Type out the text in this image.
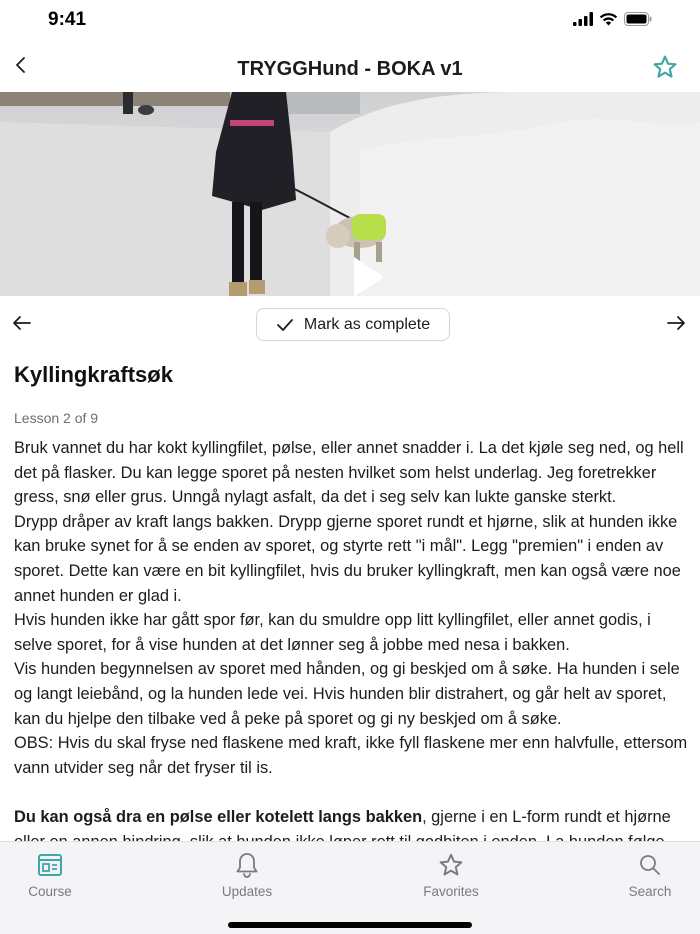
9:41
TRYGGHund - BOKA v1
Mark as complete
Kyllingkraftsøk
Lesson 2 of 9

Bruk vannet du har kokt kyllingfilet, pølse, eller annet snadder i. La det kjøle seg ned, og hell det på flasker. Du kan legge sporet på nesten hvilket som helst underlag. Jeg foretrekker gress, snø eller grus. Unngå nylagt asfalt, da det i seg selv kan lukte ganske sterkt.

Drypp dråper av kraft langs bakken. Drypp gjerne sporet rundt et hjørne, slik at hunden ikke kan bruke synet for å se enden av sporet, og styrte rett "i mål". Legg "premien" i enden av sporet. Dette kan være en bit kyllingfilet, hvis du bruker kyllingkraft, men kan også være noe annet hunden er glad i.

Hvis hunden ikke har gått spor før, kan du smuldre opp litt kyllingfilet, eller annet godis, i selve sporet, for å vise hunden at det lønner seg å jobbe med nesa i bakken.

Vis hunden begynnelsen av sporet med hånden, og gi beskjed om å søke. Ha hunden i sele og langt leiebånd, og la hunden lede vei. Hvis hunden blir distrahert, og går helt av sporet, kan du hjelpe den tilbake ved å peke på sporet og gi ny beskjed om å søke.

OBS: Hvis du skal fryse ned flaskene med kraft, ikke fyll flaskene mer enn halvfulle, ettersom vann utvider seg når det fryser til is.

Du kan også dra en pølse eller kotelett langs bakken, gjerne i en L-form rundt et hjørne

Course	Updates	Favorites	Search
